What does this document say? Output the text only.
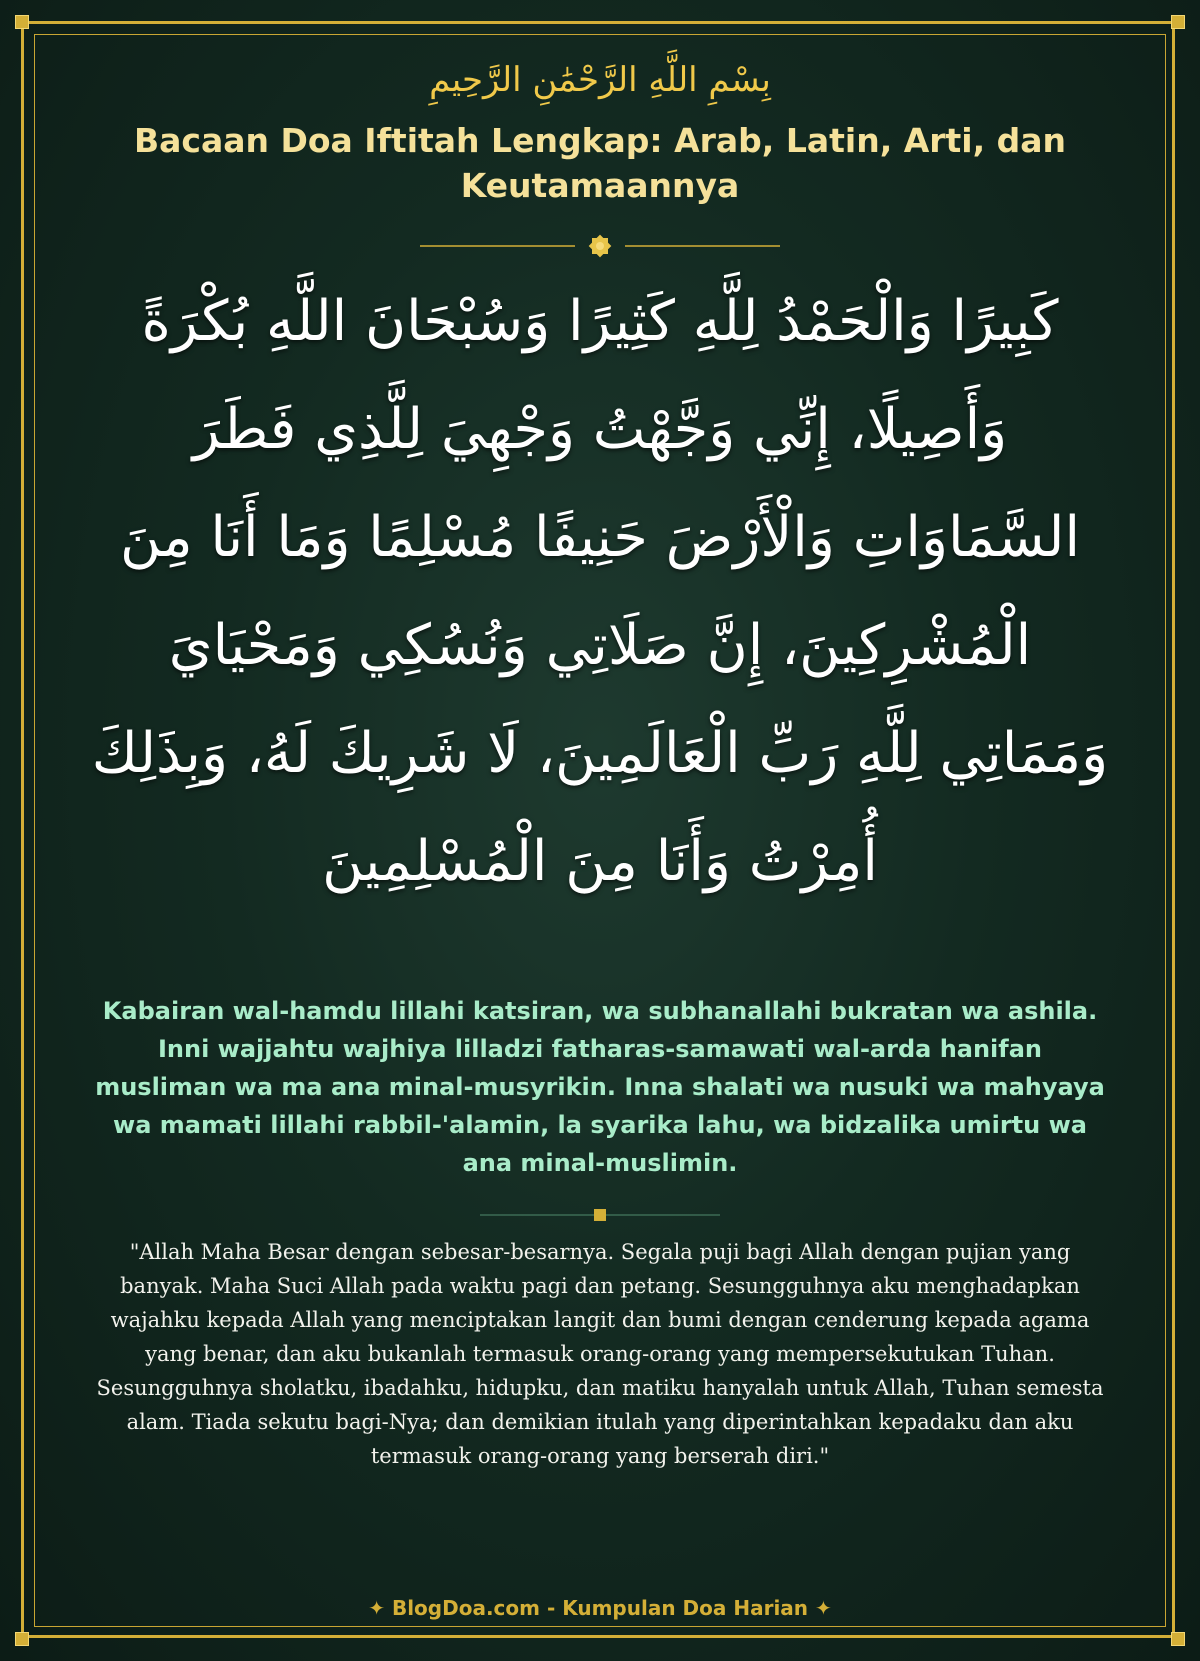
بِسْمِ اللَّهِ الرَّحْمَٰنِ الرَّحِيمِ
Bacaan Doa Iftitah Lengkap: Arab, Latin, Arti, dan Keutamaannya
كَبِيرًا وَالْحَمْدُ لِلَّهِ كَثِيرًا وَسُبْحَانَ اللَّهِ بُكْرَةً وَأَصِيلًا، إِنِّي وَجَّهْتُ وَجْهِيَ لِلَّذِي فَطَرَ السَّمَاوَاتِ وَالْأَرْضَ حَنِيفًا مُسْلِمًا وَمَا أَنَا مِنَ الْمُشْرِكِينَ، إِنَّ صَلَاتِي وَنُسُكِي وَمَحْيَايَ وَمَمَاتِي لِلَّهِ رَبِّ الْعَالَمِينَ، لَا شَرِيكَ لَهُ، وَبِذَلِكَ أُمِرْتُ وَأَنَا مِنَ الْمُسْلِمِينَ
Kabairan wal-hamdu lillahi katsiran, wa subhanallahi bukratan wa ashila. Inni wajjahtu wajhiya lilladzi fatharas-samawati wal-arda hanifan musliman wa ma ana minal-musyrikin. Inna shalati wa nusuki wa mahyaya wa mamati lillahi rabbil-'alamin, la syarika lahu, wa bidzalika umirtu wa ana minal-muslimin.
"Allah Maha Besar dengan sebesar-besarnya. Segala puji bagi Allah dengan pujian yang banyak. Maha Suci Allah pada waktu pagi dan petang. Sesungguhnya aku menghadapkan wajahku kepada Allah yang menciptakan langit dan bumi dengan cenderung kepada agama yang benar, dan aku bukanlah termasuk orang-orang yang mempersekutukan Tuhan. Sesungguhnya sholatku, ibadahku, hidupku, dan matiku hanyalah untuk Allah, Tuhan semesta alam. Tiada sekutu bagi-Nya; dan demikian itulah yang diperintahkan kepadaku dan aku termasuk orang-orang yang berserah diri."
✦ BlogDoa.com - Kumpulan Doa Harian ✦
